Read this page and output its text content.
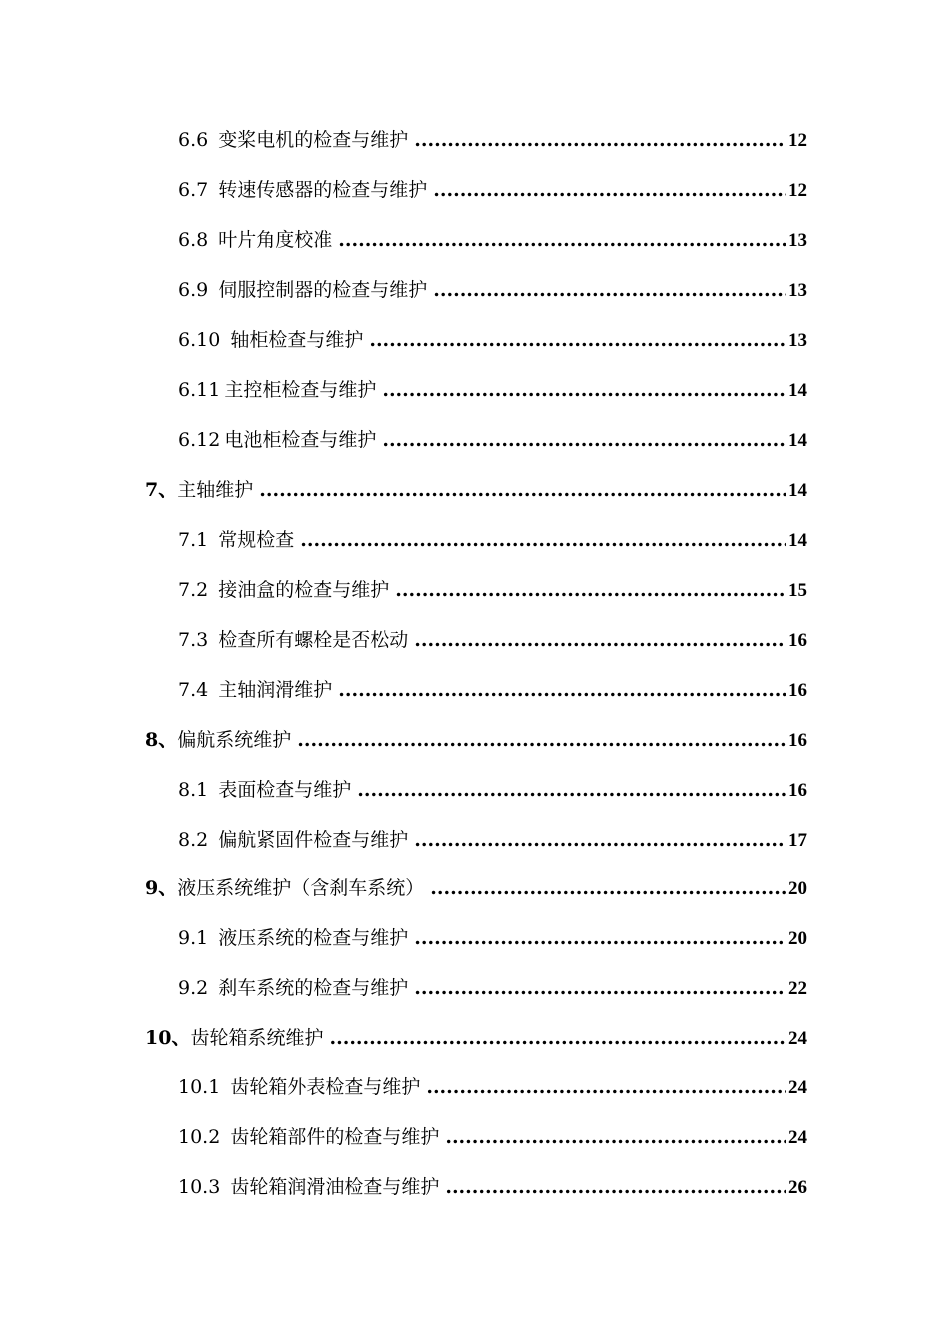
6.6 变桨电机的检查与维护 .....	12
6.7 转速传感器的检查与维护 .....	12
6.8 叶片角度校准 .....	13
6.9 伺服控制器的检查与维护 .....	13
6.10 轴柜检查与维护 .....	13
6.11 主控柜检查与维护 .....	14
6.12 电池柜检查与维护 .....	14
7、 主轴维护 .....	14
7.1 常规检查 .....	14
7.2 接油盒的检查与维护 .....	15
7.3 检查所有螺栓是否松动 .....	16
7.4 主轴润滑维护 .....	16
8、 偏航系统维护 .....	16
8.1 表面检查与维护 .....	16
8.2 偏航紧固件检查与维护 .....	17
9、 液压系统维护（含刹车系统） .....	20
9.1 液压系统的检查与维护 .....	20
9.2 刹车系统的检查与维护 .....	22
10、 齿轮箱系统维护 .....	24
10.1 齿轮箱外表检查与维护 .....	24
10.2 齿轮箱部件的检查与维护 .....	24
10.3 齿轮箱润滑油检查与维护 .....	26
